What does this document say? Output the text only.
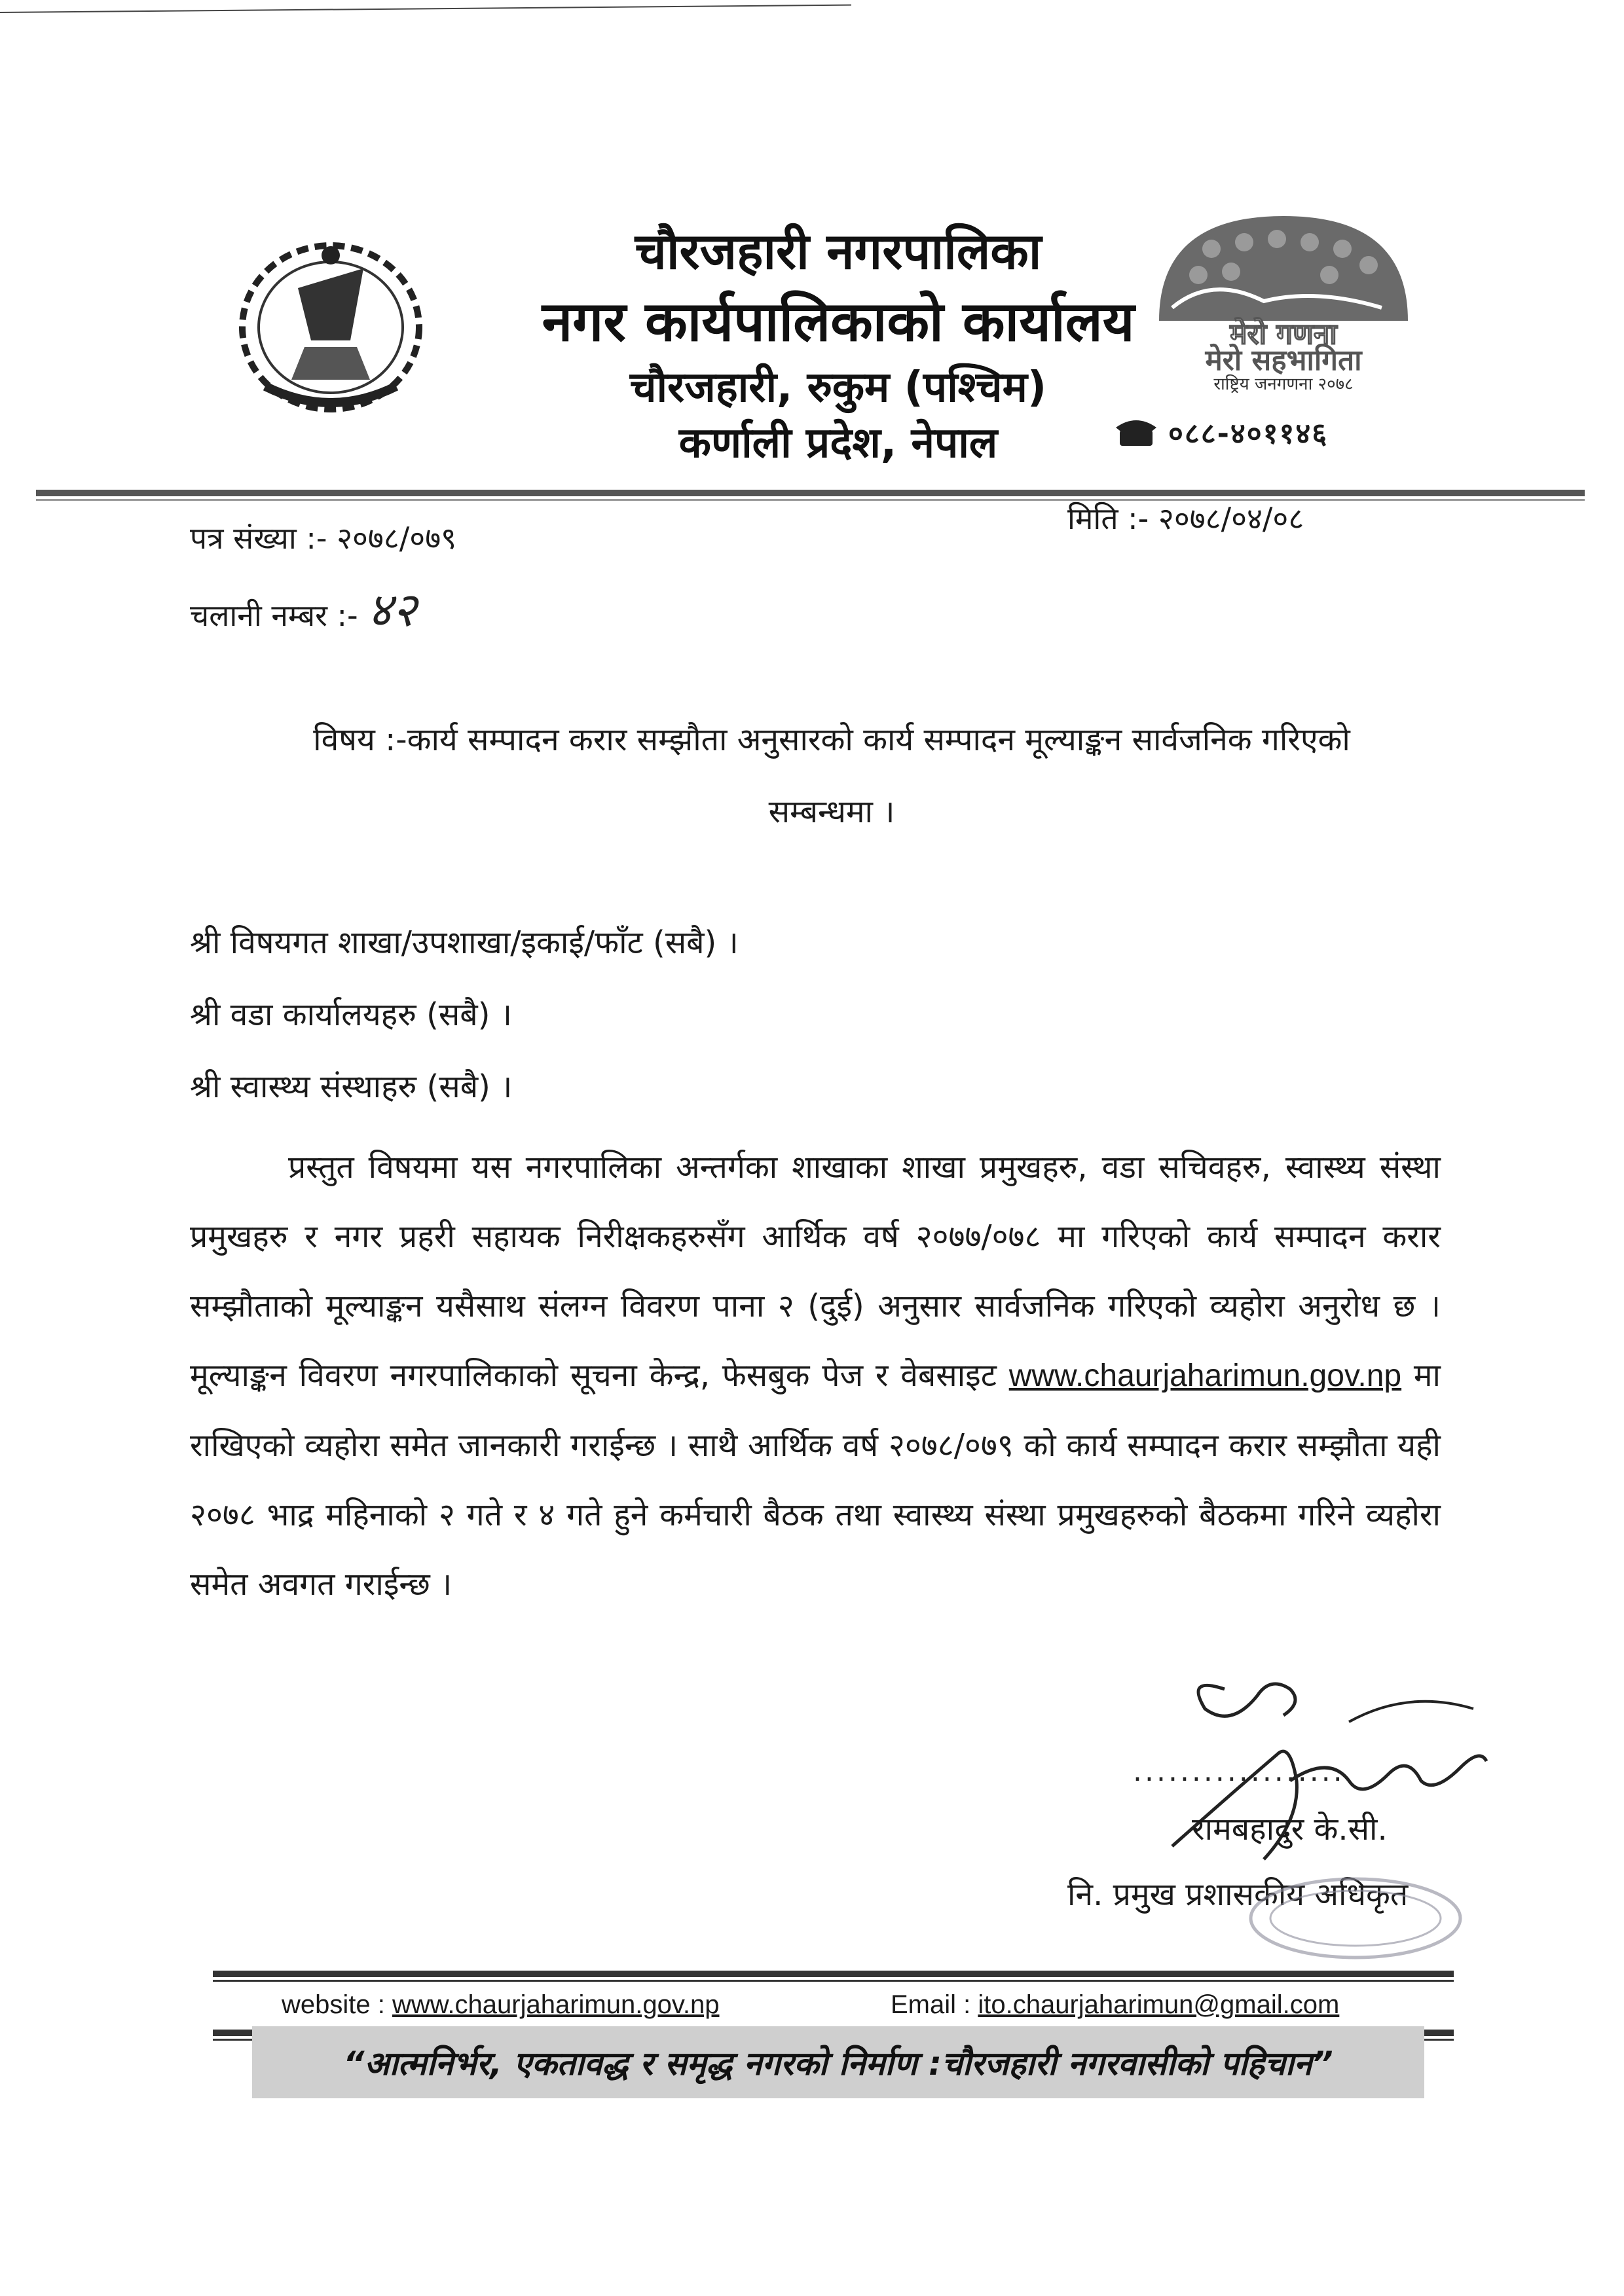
चौरजहारी नगरपालिका
नगर कार्यपालिकाको कार्यालय
चौरजहारी, रुकुम (पश्चिम)
कर्णाली प्रदेश, नेपाल
मेरो गणना
मेरो सहभागिता
राष्ट्रिय जनगणना २०७८
०८८-४०११४६
पत्र संख्या :- २०७८/०७९
चलानी नम्बर :- ४२
मिति :- २०७८/०४/०८
विषय :-कार्य सम्पादन करार सम्झौता अनुसारको कार्य सम्पादन मूल्याङ्कन सार्वजनिक गरिएको
सम्बन्धमा ।
श्री विषयगत शाखा/उपशाखा/इकाई/फाँट (सबै) ।
श्री वडा कार्यालयहरु (सबै) ।
श्री स्वास्थ्य संस्थाहरु (सबै) ।
प्रस्तुत विषयमा यस नगरपालिका अन्तर्गका शाखाका शाखा प्रमुखहरु, वडा सचिवहरु, स्वास्थ्य संस्था प्रमुखहरु र नगर प्रहरी सहायक निरीक्षकहरुसँग आर्थिक वर्ष २०७७/०७८ मा गरिएको कार्य सम्पादन करार सम्झौताको मूल्याङ्कन यसैसाथ संलग्न विवरण पाना २ (दुई) अनुसार सार्वजनिक गरिएको व्यहोरा अनुरोध छ । मूल्याङ्कन विवरण नगरपालिकाको सूचना केन्द्र, फेसबुक पेज र वेबसाइट www.chaurjaharimun.gov.np मा राखिएको व्यहोरा समेत जानकारी गराईन्छ । साथै आर्थिक वर्ष २०७८/०७९ को कार्य सम्पादन करार सम्झौता यही २०७८ भाद्र महिनाको २ गते र ४ गते हुने कर्मचारी बैठक तथा स्वास्थ्य संस्था प्रमुखहरुको बैठकमा गरिने व्यहोरा समेत अवगत गराईन्छ ।
..................
रामबहादुर के.सी.
नि. प्रमुख प्रशासकीय अधिकृत
website : www.chaurjaharimun.gov.np	Email : ito.chaurjaharimun@gmail.com
“आत्मनिर्भर, एकतावद्ध र समृद्ध नगरको निर्माण :चौरजहारी नगरवासीको पहिचान”
